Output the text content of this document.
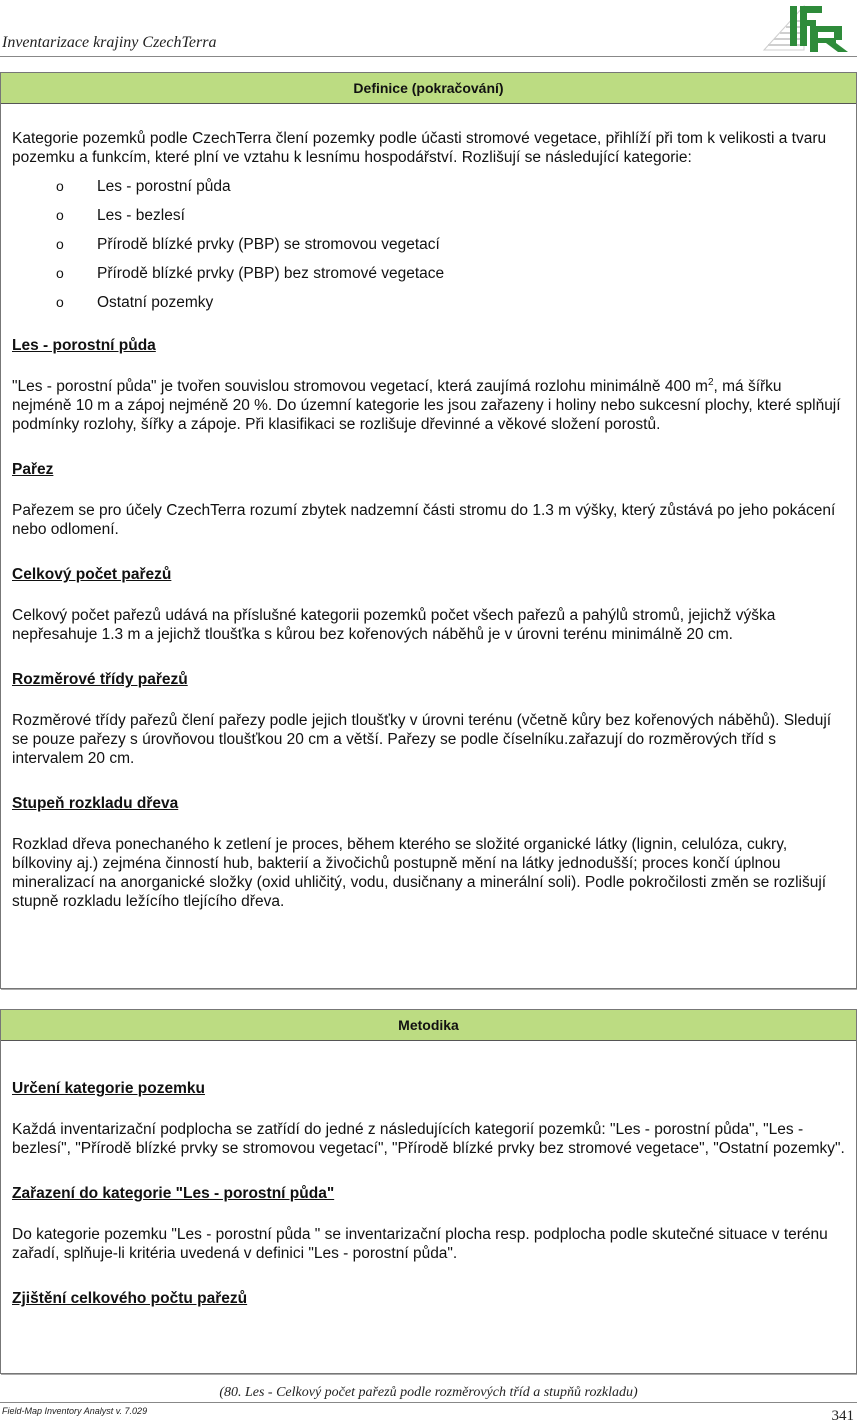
Inventarizace krajiny CzechTerra
Definice (pokračování)

Kategorie pozemků podle CzechTerra člení pozemky podle účasti stromové vegetace, přihlíží při tom k velikosti a tvaru pozemku a funkcím, které plní ve vztahu k lesnímu hospodářství. Rozlišují se následující kategorie:

o Les - porostní půda
o Les - bezlesí
o Přírodě blízké prvky (PBP) se stromovou vegetací
o Přírodě blízké prvky (PBP) bez stromové vegetace
o Ostatní pozemky

Les - porostní půda

"Les - porostní půda" je tvořen souvislou stromovou vegetací, která zaujímá rozlohu minimálně 400 $m^2$, má šířku nejméně 10 m a zápoj nejméně 20 %. Do územní kategorie les jsou zařazeny i holiny nebo sukcesní plochy, které splňují podmínky rozlohy, šířky a zápoje. Při klasifikaci se rozlišuje dřevinné a věkové složení porostů.

Pařez

Pařezem se pro účely CzechTerra rozumí zbytek nadzemní části stromu do 1.3 m výšky, který zůstává po jeho pokácení nebo odlomení.

Celkový počet pařezů

Celkový počet pařezů udává na příslušné kategorii pozemků počet všech pařezů a pahýlů stromů, jejichž výška nepřesahuje 1.3 m a jejichž tloušťka s kůrou bez kořenových náběhů je v úrovni terénu minimálně 20 cm.

Rozměrové třídy pařezů

Rozměrové třídy pařezů člení pařezy podle jejich tloušťky v úrovni terénu (včetně kůry bez kořenových náběhů). Sledují se pouze pařezy s úrovňovou tloušťkou 20 cm a větší. Pařezy se podle číselníku.zařazují do rozměrových tříd s intervalem 20 cm.

Stupeň rozkladu dřeva

Rozklad dřeva ponechaného k zetlení je proces, během kterého se složité organické látky (lignin, celulóza, cukry, bílkoviny aj.) zejména činností hub, bakterií a živočichů postupně mění na látky jednodušší; proces končí úplnou mineralizací na anorganické složky (oxid uhličitý, vodu, dusičnany a minerální soli). Podle pokročilosti změn se rozlišují stupně rozkladu ležícího tlejícího dřeva.

Metodika

Určení kategorie pozemku

Každá inventarizační podplocha se zatřídí do jedné z následujících kategorií pozemků: "Les - porostní půda", "Les - bezlesí", "Přírodě blízké prvky se stromovou vegetací", "Přírodě blízké prvky bez stromové vegetace", "Ostatní pozemky".

Zařazení do kategorie "Les - porostní půda"

Do kategorie pozemku "Les - porostní půda " se inventarizační plocha resp. podplocha podle skutečné situace v terénu zařadí, splňuje-li kritéria uvedená v definici "Les - porostní půda".

Zjištění celkového počtu pařezů

(80. Les - Celkový počet pařezů podle rozměrových tříd a stupňů rozkladu)
Field-Map Inventory Analyst v. 7.029	341
